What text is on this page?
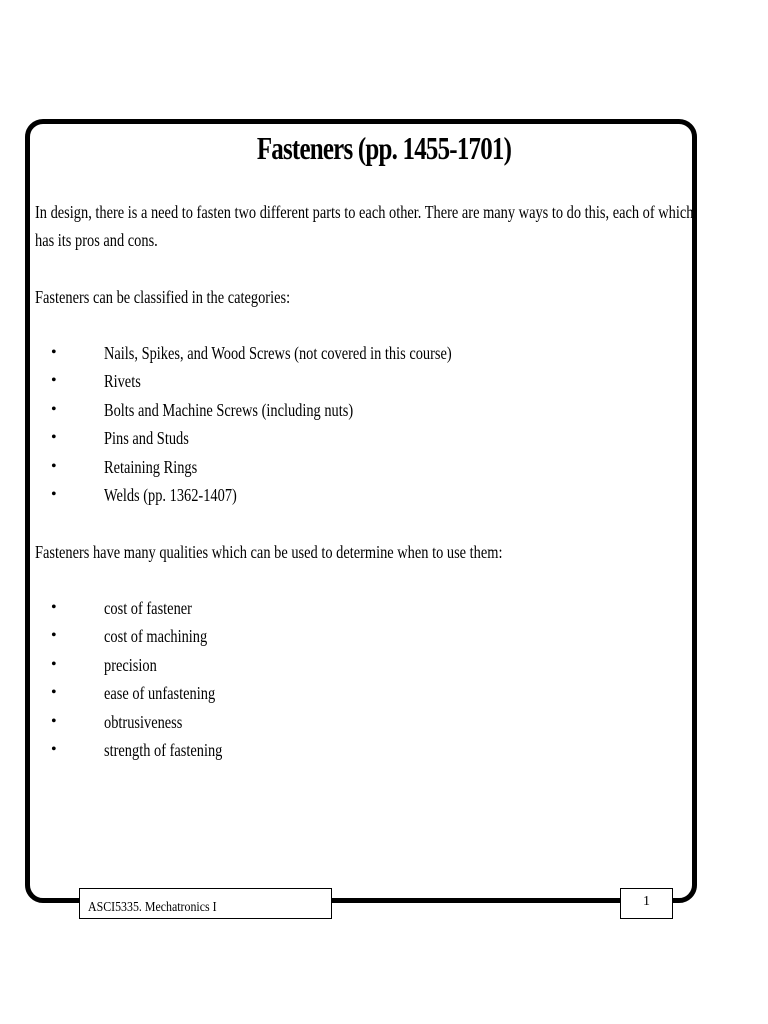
Fasteners (pp. 1455-1701)
In design, there is a need to fasten two different parts to each other. There are many ways to do this, each of which has its pros and cons.
Fasteners can be classified in the categories:
•	Nails, Spikes, and Wood Screws (not covered in this course)
•	Rivets
•	Bolts and Machine Screws (including nuts)
•	Pins and Studs
•	Retaining Rings
•	Welds (pp. 1362-1407)
Fasteners have many qualities which can be used to determine when to use them:
•	cost of fastener
•	cost of machining
•	precision
•	ease of unfastening
•	obtrusiveness
•	strength of fastening
ASCI5335. Mechatronics I	1
